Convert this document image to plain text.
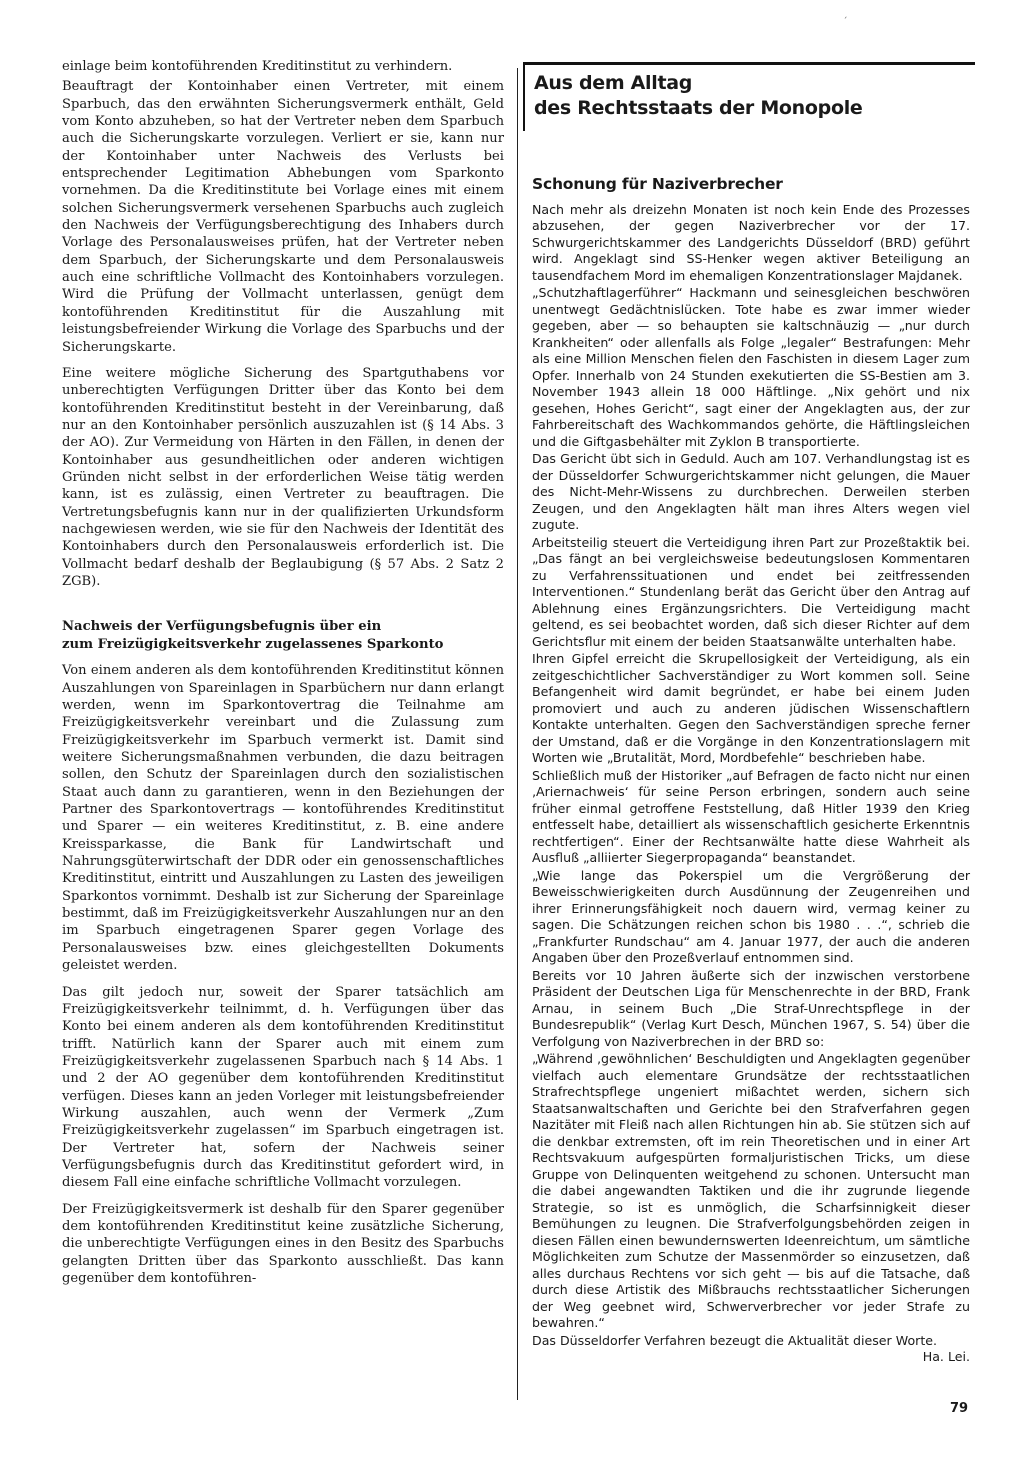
ˊ

einlage beim kontoführenden Kreditinstitut zu verhindern.

Beauftragt der Kontoinhaber einen Vertreter, mit einem Sparbuch, das den erwähnten Sicherungsvermerk enthält, Geld vom Konto abzuheben, so hat der Vertreter neben dem Sparbuch auch die Sicherungskarte vorzulegen. Verliert er sie, kann nur der Kontoinhaber unter Nachweis des Verlusts bei entsprechender Legitimation Abhebungen vom Sparkonto vornehmen. Da die Kreditinstitute bei Vorlage eines mit einem solchen Sicherungsvermerk versehenen Sparbuchs auch zugleich den Nachweis der Verfügungsberechtigung des Inhabers durch Vorlage des Personalausweises prüfen, hat der Vertreter neben dem Sparbuch, der Sicherungskarte und dem Personalausweis auch eine schriftliche Vollmacht des Kontoinhabers vorzulegen. Wird die Prüfung der Vollmacht unterlassen, genügt dem kontoführenden Kreditinstitut für die Auszahlung mit leistungsbefreiender Wirkung die Vorlage des Sparbuchs und der Sicherungskarte.

Eine weitere mögliche Sicherung des Spartguthabens vor unberechtigten Verfügungen Dritter über das Konto bei dem kontoführenden Kreditinstitut besteht in der Vereinbarung, daß nur an den Kontoinhaber persönlich auszuzahlen ist (§ 14 Abs. 3 der AO). Zur Vermeidung von Härten in den Fällen, in denen der Kontoinhaber aus gesundheitlichen oder anderen wichtigen Gründen nicht selbst in der erforderlichen Weise tätig werden kann, ist es zulässig, einen Vertreter zu beauftragen. Die Vertretungsbefugnis kann nur in der qualifizierten Urkundsform nachgewiesen werden, wie sie für den Nachweis der Identität des Kontoinhabers durch den Personalausweis erforderlich ist. Die Vollmacht bedarf deshalb der Beglaubigung (§ 57 Abs. 2 Satz 2 ZGB).

Nachweis der Verfügungsbefugnis über ein
zum Freizügigkeitsverkehr zugelassenes Sparkonto

Von einem anderen als dem kontoführenden Kreditinstitut können Auszahlungen von Spareinlagen in Sparbüchern nur dann erlangt werden, wenn im Sparkontovertrag die Teilnahme am Freizügigkeitsverkehr vereinbart und die Zulassung zum Freizügigkeitsverkehr im Sparbuch vermerkt ist. Damit sind weitere Sicherungsmaßnahmen verbunden, die dazu beitragen sollen, den Schutz der Spareinlagen durch den sozialistischen Staat auch dann zu garantieren, wenn in den Beziehungen der Partner des Sparkontovertrags — kontoführendes Kreditinstitut und Sparer — ein weiteres Kreditinstitut, z. B. eine andere Kreissparkasse, die Bank für Landwirtschaft und Nahrungsgüterwirtschaft der DDR oder ein genossenschaftliches Kreditinstitut, eintritt und Auszahlungen zu Lasten des jeweiligen Sparkontos vornimmt. Deshalb ist zur Sicherung der Spareinlage bestimmt, daß im Freizügigkeitsverkehr Auszahlungen nur an den im Sparbuch eingetragenen Sparer gegen Vorlage des Personalausweises bzw. eines gleichgestellten Dokuments geleistet werden.

Das gilt jedoch nur, soweit der Sparer tatsächlich am Freizügigkeitsverkehr teilnimmt, d. h. Verfügungen über das Konto bei einem anderen als dem kontoführenden Kreditinstitut trifft. Natürlich kann der Sparer auch mit einem zum Freizügigkeitsverkehr zugelassenen Sparbuch nach § 14 Abs. 1 und 2 der AO gegenüber dem kontoführenden Kreditinstitut verfügen. Dieses kann an jeden Vorleger mit leistungsbefreiender Wirkung auszahlen, auch wenn der Vermerk „Zum Freizügigkeitsverkehr zugelassen“ im Sparbuch eingetragen ist. Der Vertreter hat, sofern der Nachweis seiner Verfügungsbefugnis durch das Kreditinstitut gefordert wird, in diesem Fall eine einfache schriftliche Vollmacht vorzulegen.

Der Freizügigkeitsvermerk ist deshalb für den Sparer gegenüber dem kontoführenden Kreditinstitut keine zusätzliche Sicherung, die unberechtigte Verfügungen eines in den Besitz des Sparbuchs gelangten Dritten über das Sparkonto ausschließt. Das kann gegenüber dem kontoführen-

Aus dem Alltag
des Rechtsstaats der Monopole
Schonung für Naziverbrecher

Nach mehr als dreizehn Monaten ist noch kein Ende des Prozesses abzusehen, der gegen Naziverbrecher vor der 17. Schwurgerichtskammer des Landgerichts Düsseldorf (BRD) geführt wird. Angeklagt sind SS-Henker wegen aktiver Beteiligung an tausendfachem Mord im ehemaligen Konzentrationslager Majdanek.

„Schutzhaftlagerführer“ Hackmann und seinesgleichen beschwören unentwegt Gedächtnislücken. Tote habe es zwar immer wieder gegeben, aber — so behaupten sie kaltschnäuzig — „nur durch Krankheiten“ oder allenfalls als Folge „legaler“ Bestrafungen: Mehr als eine Million Menschen fielen den Faschisten in diesem Lager zum Opfer. Innerhalb von 24 Stunden exekutierten die SS-Bestien am 3. November 1943 allein 18 000 Häftlinge. „Nix gehört und nix gesehen, Hohes Gericht“, sagt einer der Angeklagten aus, der zur Fahrbereitschaft des Wachkommandos gehörte, die Häftlingsleichen und die Giftgasbehälter mit Zyklon B transportierte.

Das Gericht übt sich in Geduld. Auch am 107. Verhandlungstag ist es der Düsseldorfer Schwurgerichtskammer nicht gelungen, die Mauer des Nicht-Mehr-Wissens zu durchbrechen. Derweilen sterben Zeugen, und den Angeklagten hält man ihres Alters wegen viel zugute.

Arbeitsteilig steuert die Verteidigung ihren Part zur Prozeßtaktik bei. „Das fängt an bei vergleichsweise bedeutungslosen Kommentaren zu Verfahrenssituationen und endet bei zeitfressenden Interventionen.“ Stundenlang berät das Gericht über den Antrag auf Ablehnung eines Ergänzungsrichters. Die Verteidigung macht geltend, es sei beobachtet worden, daß sich dieser Richter auf dem Gerichtsflur mit einem der beiden Staatsanwälte unterhalten habe.

Ihren Gipfel erreicht die Skrupellosigkeit der Verteidigung, als ein zeitgeschichtlicher Sachverständiger zu Wort kommen soll. Seine Befangenheit wird damit begründet, er habe bei einem Juden promoviert und auch zu anderen jüdischen Wissenschaftlern Kontakte unterhalten. Gegen den Sachverständigen spreche ferner der Umstand, daß er die Vorgänge in den Konzentrationslagern mit Worten wie „Brutalität, Mord, Mordbefehle“ beschrieben habe.

Schließlich muß der Historiker „auf Befragen de facto nicht nur einen ‚Ariernachweis‘ für seine Person erbringen, sondern auch seine früher einmal getroffene Feststellung, daß Hitler 1939 den Krieg entfesselt habe, detailliert als wissenschaftlich gesicherte Erkenntnis rechtfertigen“. Einer der Rechtsanwälte hatte diese Wahrheit als Ausfluß „alliierter Siegerpropaganda“ beanstandet.

„Wie lange das Pokerspiel um die Vergrößerung der Beweisschwierigkeiten durch Ausdünnung der Zeugenreihen und ihrer Erinnerungsfähigkeit noch dauern wird, vermag keiner zu sagen. Die Schätzungen reichen schon bis 1980 . . .“, schrieb die „Frankfurter Rundschau“ am 4. Januar 1977, der auch die anderen Angaben über den Prozeßverlauf entnommen sind.

Bereits vor 10 Jahren äußerte sich der inzwischen verstorbene Präsident der Deutschen Liga für Menschenrechte in der BRD, Frank Arnau, in seinem Buch „Die Straf-Unrechtspflege in der Bundesrepublik“ (Verlag Kurt Desch, München 1967, S. 54) über die Verfolgung von Naziverbrechen in der BRD so:

„Während ‚gewöhnlichen‘ Beschuldigten und Angeklagten gegenüber vielfach auch elementare Grundsätze der rechtsstaatlichen Strafrechtspflege ungeniert mißachtet werden, sichern sich Staatsanwaltschaften und Gerichte bei den Strafverfahren gegen Nazitäter mit Fleiß nach allen Richtungen hin ab. Sie stützen sich auf die denkbar extremsten, oft im rein Theoretischen und in einer Art Rechtsvakuum aufgespürten formaljuristischen Tricks, um diese Gruppe von Delinquenten weitgehend zu schonen. Untersucht man die dabei angewandten Taktiken und die ihr zugrunde liegende Strategie, so ist es unmöglich, die Scharfsinnigkeit dieser Bemühungen zu leugnen. Die Strafverfolgungsbehörden zeigen in diesen Fällen einen bewundernswerten Ideenreichtum, um sämtliche Möglichkeiten zum Schutze der Massenmörder so einzusetzen, daß alles durchaus Rechtens vor sich geht — bis auf die Tatsache, daß durch diese Artistik des Mißbrauchs rechtsstaatlicher Sicherungen der Weg geebnet wird, Schwerverbrecher vor jeder Strafe zu bewahren.“

Das Düsseldorfer Verfahren bezeugt die Aktualität dieser Worte.
Ha. Lei.

79
